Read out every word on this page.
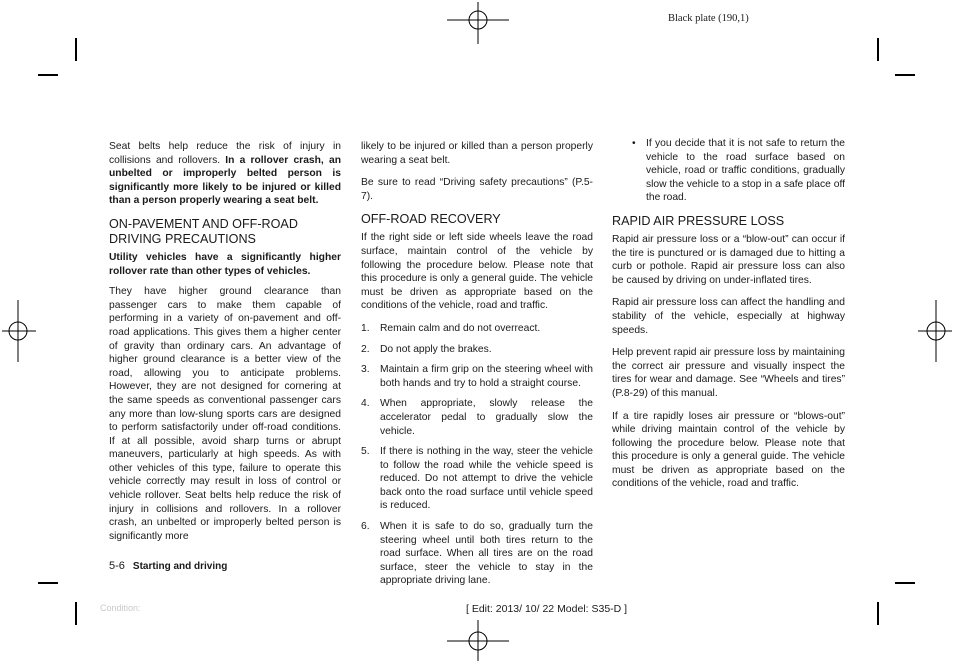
Black plate (190,1)

Seat belts help reduce the risk of injury in collisions and rollovers. In a rollover crash, an unbelted or improperly belted person is significantly more likely to be injured or killed than a person properly wearing a seat belt.

ON-PAVEMENT AND OFF-ROAD
DRIVING PRECAUTIONS

Utility vehicles have a significantly higher rollover rate than other types of vehicles.

They have higher ground clearance than passenger cars to make them capable of performing in a variety of on-pavement and off-road applications. This gives them a higher center of gravity than ordinary cars. An advantage of higher ground clearance is a better view of the road, allowing you to anticipate problems. However, they are not designed for cornering at the same speeds as conventional passenger cars any more than low-slung sports cars are designed to perform satisfactorily under off-road conditions. If at all possible, avoid sharp turns or abrupt maneuvers, particularly at high speeds. As with other vehicles of this type, failure to operate this vehicle correctly may result in loss of control or vehicle rollover. Seat belts help reduce the risk of injury in collisions and rollovers. In a rollover crash, an unbelted or improperly belted person is significantly more

likely to be injured or killed than a person properly wearing a seat belt.

Be sure to read “Driving safety precautions” (P.5-7).

OFF-ROAD RECOVERY

If the right side or left side wheels leave the road surface, maintain control of the vehicle by following the procedure below. Please note that this procedure is only a general guide. The vehicle must be driven as appropriate based on the conditions of the vehicle, road and traffic.

1. Remain calm and do not overreact.
2. Do not apply the brakes.
3. Maintain a firm grip on the steering wheel with both hands and try to hold a straight course.
4. When appropriate, slowly release the accelerator pedal to gradually slow the vehicle.
5. If there is nothing in the way, steer the vehicle to follow the road while the vehicle speed is reduced. Do not attempt to drive the vehicle back onto the road surface until vehicle speed is reduced.
6. When it is safe to do so, gradually turn the steering wheel until both tires return to the road surface. When all tires are on the road surface, steer the vehicle to stay in the appropriate driving lane.
• If you decide that it is not safe to return the vehicle to the road surface based on vehicle, road or traffic conditions, gradually slow the vehicle to a stop in a safe place off the road.
RAPID AIR PRESSURE LOSS

Rapid air pressure loss or a “blow-out” can occur if the tire is punctured or is damaged due to hitting a curb or pothole. Rapid air pressure loss can also be caused by driving on under-inflated tires.

Rapid air pressure loss can affect the handling and stability of the vehicle, especially at highway speeds.

Help prevent rapid air pressure loss by maintaining the correct air pressure and visually inspect the tires for wear and damage. See “Wheels and tires” (P.8-29) of this manual.

If a tire rapidly loses air pressure or “blows-out” while driving maintain control of the vehicle by following the procedure below. Please note that this procedure is only a general guide. The vehicle must be driven as appropriate based on the conditions of the vehicle, road and traffic.

5-6 Starting and driving
Condition:	[ Edit: 2013/ 10/ 22 Model: S35-D ]
